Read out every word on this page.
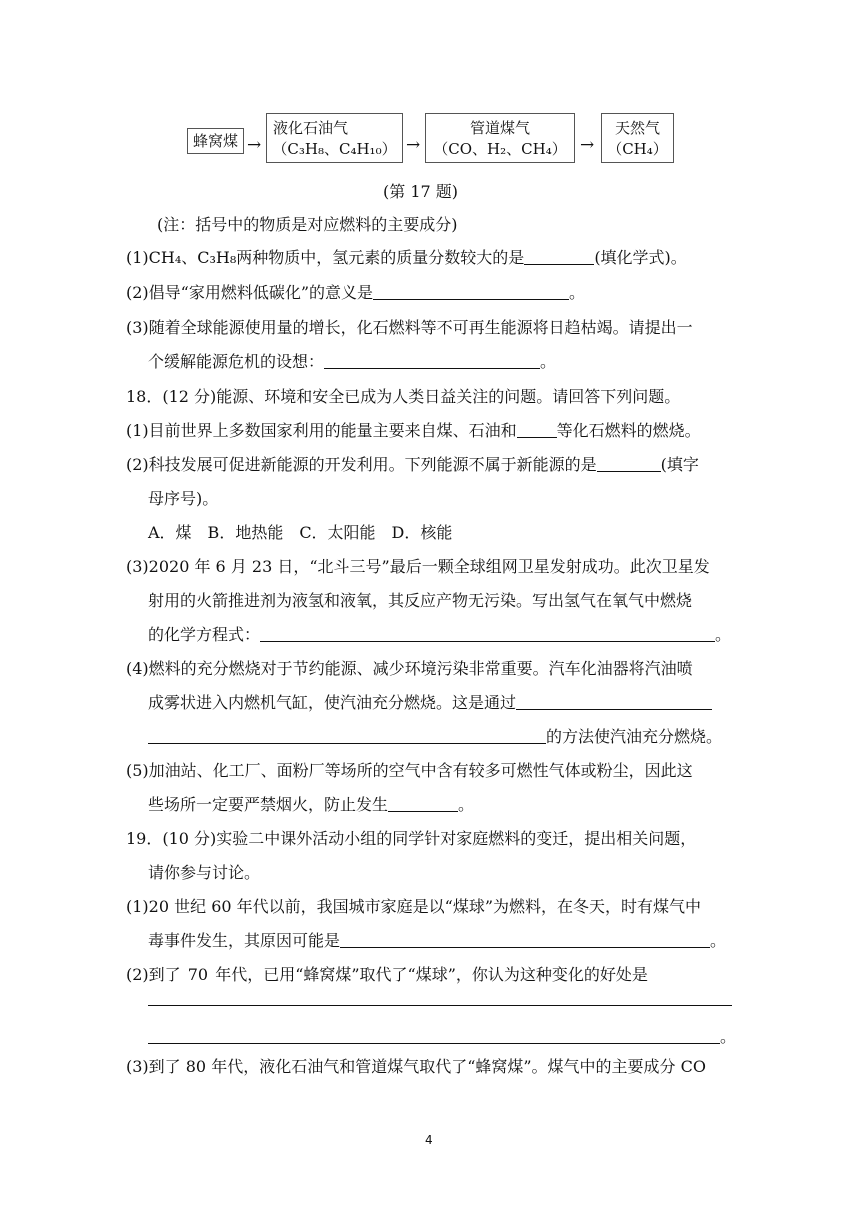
蜂窝煤 →
液化石油气
（C₃H₈、C₄H₁₀） →
管道煤气
（CO、H₂、CH₄） →
天然气
（CH₄）
(第 17 题)
(注：括号中的物质是对应燃料的主要成分)
(1)CH₄、C₃H₈两种物质中，氢元素的质量分数较大的是	(填化学式)。
(2)倡导“家用燃料低碳化”的意义是	。
(3)随着全球能源使用量的增长，化石燃料等不可再生能源将日趋枯竭。请提出一
个缓解能源危机的设想：	。
18．(12 分)能源、环境和安全已成为人类日益关注的问题。请回答下列问题。
(1)目前世界上多数国家利用的能量主要来自煤、石油和	等化石燃料的燃烧。
(2)科技发展可促进新能源的开发利用。下列能源不属于新能源的是	(填字
母序号)。
A．煤　B．地热能　C．太阳能　D．核能
(3)2020 年 6 月 23 日，“北斗三号”最后一颗全球组网卫星发射成功。此次卫星发
射用的火箭推进剂为液氢和液氧，其反应产物无污染。写出氢气在氧气中燃烧
的化学方程式：	。
(4)燃料的充分燃烧对于节约能源、减少环境污染非常重要。汽车化油器将汽油喷
成雾状进入内燃机气缸，使汽油充分燃烧。这是通过
的方法使汽油充分燃烧。
(5)加油站、化工厂、面粉厂等场所的空气中含有较多可燃性气体或粉尘，因此这
些场所一定要严禁烟火，防止发生	。
19．(10 分)实验二中课外活动小组的同学针对家庭燃料的变迁，提出相关问题，
请你参与讨论。
(1)20 世纪 60 年代以前，我国城市家庭是以“煤球”为燃料，在冬天，时有煤气中
毒事件发生，其原因可能是	。
(2)到了 70 年代，已用“蜂窝煤”取代了“煤球”，你认为这种变化的好处是
。
(3)到了 80 年代，液化石油气和管道煤气取代了“蜂窝煤”。煤气中的主要成分 CO
4
